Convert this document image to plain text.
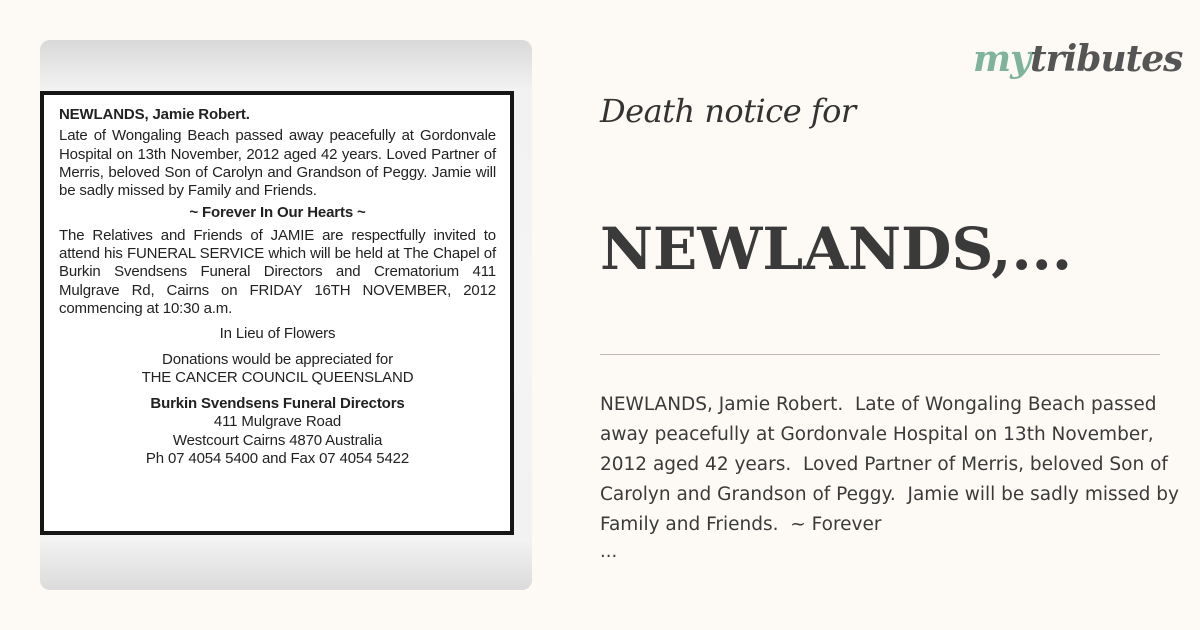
NEWLANDS, Jamie Robert.

Late of Wongaling Beach passed away peacefully at Gordonvale Hospital on 13th November, 2012 aged 42 years. Loved Partner of Merris, beloved Son of Carolyn and Grandson of Peggy. Jamie will be sadly missed by Family and Friends.

~ Forever In Our Hearts ~

The Relatives and Friends of JAMIE are respectfully invited to attend his FUNERAL SERVICE which will be held at The Chapel of Burkin Svendsens Funeral Directors and Crematorium 411 Mulgrave Rd, Cairns on FRIDAY 16TH NOVEMBER, 2012 commencing at 10:30 a.m.

In Lieu of Flowers

Donations would be appreciated for

THE CANCER COUNCIL QUEENSLAND

Burkin Svendsens Funeral Directors

411 Mulgrave Road

Westcourt Cairns 4870 Australia

Ph 07 4054 5400 and Fax 07 4054 5422

mytributes
Death notice for
NEWLANDS,...
NEWLANDS, Jamie Robert.  Late of Wongaling Beach passed away peacefully at Gordonvale Hospital on 13th November, 2012 aged 42 years.  Loved Partner of Merris, beloved Son of Carolyn and Grandson of Peggy.  Jamie will be sadly missed by Family and Friends.  ~ Forever
...
